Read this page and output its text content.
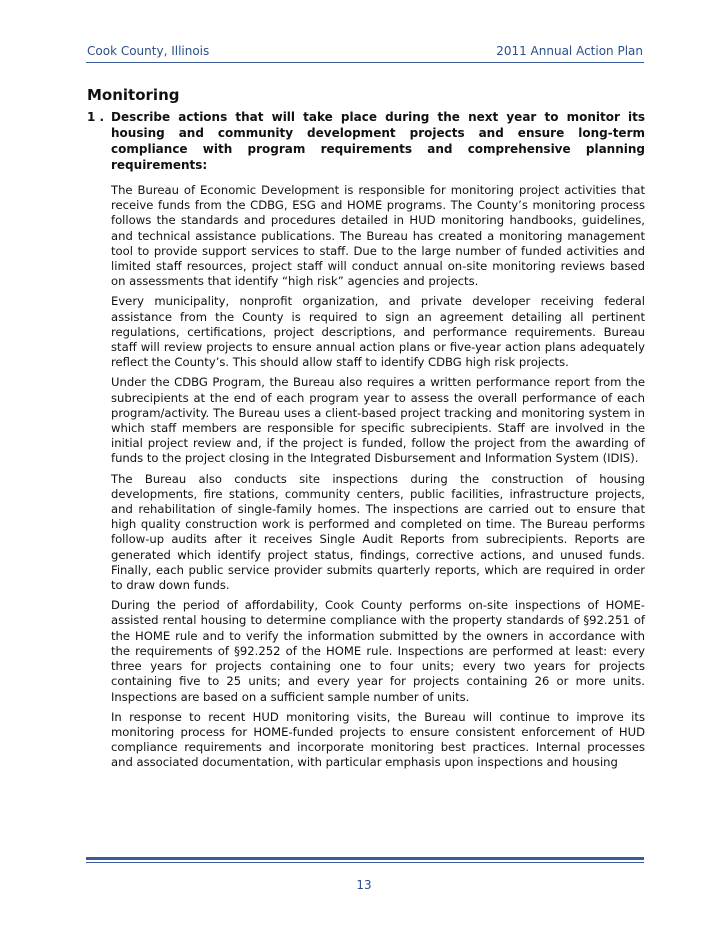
Cook County, Illinois	2011 Annual Action Plan
Monitoring
1 . Describe actions that will take place during the next year to monitor its housing and community development projects and ensure long-term compliance with program requirements and comprehensive planning requirements:

The Bureau of Economic Development is responsible for monitoring project activities that receive funds from the CDBG, ESG and HOME programs. The County’s monitoring process follows the standards and procedures detailed in HUD monitoring handbooks, guidelines, and technical assistance publications. The Bureau has created a monitoring management tool to provide support services to staff. Due to the large number of funded activities and limited staff resources, project staff will conduct annual on-site monitoring reviews based on assessments that identify “high risk” agencies and projects.

Every municipality, nonprofit organization, and private developer receiving federal assistance from the County is required to sign an agreement detailing all pertinent regulations, certifications, project descriptions, and performance requirements. Bureau staff will review projects to ensure annual action plans or five-year action plans adequately reflect the County’s. This should allow staff to identify CDBG high risk projects.

Under the CDBG Program, the Bureau also requires a written performance report from the subrecipients at the end of each program year to assess the overall performance of each program/activity. The Bureau uses a client-based project tracking and monitoring system in which staff members are responsible for specific subrecipients. Staff are involved in the initial project review and, if the project is funded, follow the project from the awarding of funds to the project closing in the Integrated Disbursement and Information System (IDIS).

The Bureau also conducts site inspections during the construction of housing developments, fire stations, community centers, public facilities, infrastructure projects, and rehabilitation of single-family homes. The inspections are carried out to ensure that high quality construction work is performed and completed on time. The Bureau performs follow-up audits after it receives Single Audit Reports from subrecipients. Reports are generated which identify project status, findings, corrective actions, and unused funds. Finally, each public service provider submits quarterly reports, which are required in order to draw down funds.

During the period of affordability, Cook County performs on-site inspections of HOME-assisted rental housing to determine compliance with the property standards of §92.251 of the HOME rule and to verify the information submitted by the owners in accordance with the requirements of §92.252 of the HOME rule. Inspections are performed at least: every three years for projects containing one to four units; every two years for projects containing five to 25 units; and every year for projects containing 26 or more units. Inspections are based on a sufficient sample number of units.

In response to recent HUD monitoring visits, the Bureau will continue to improve its monitoring process for HOME-funded projects to ensure consistent enforcement of HUD compliance requirements and incorporate monitoring best practices. Internal processes and associated documentation, with particular emphasis upon inspections and housing

13
